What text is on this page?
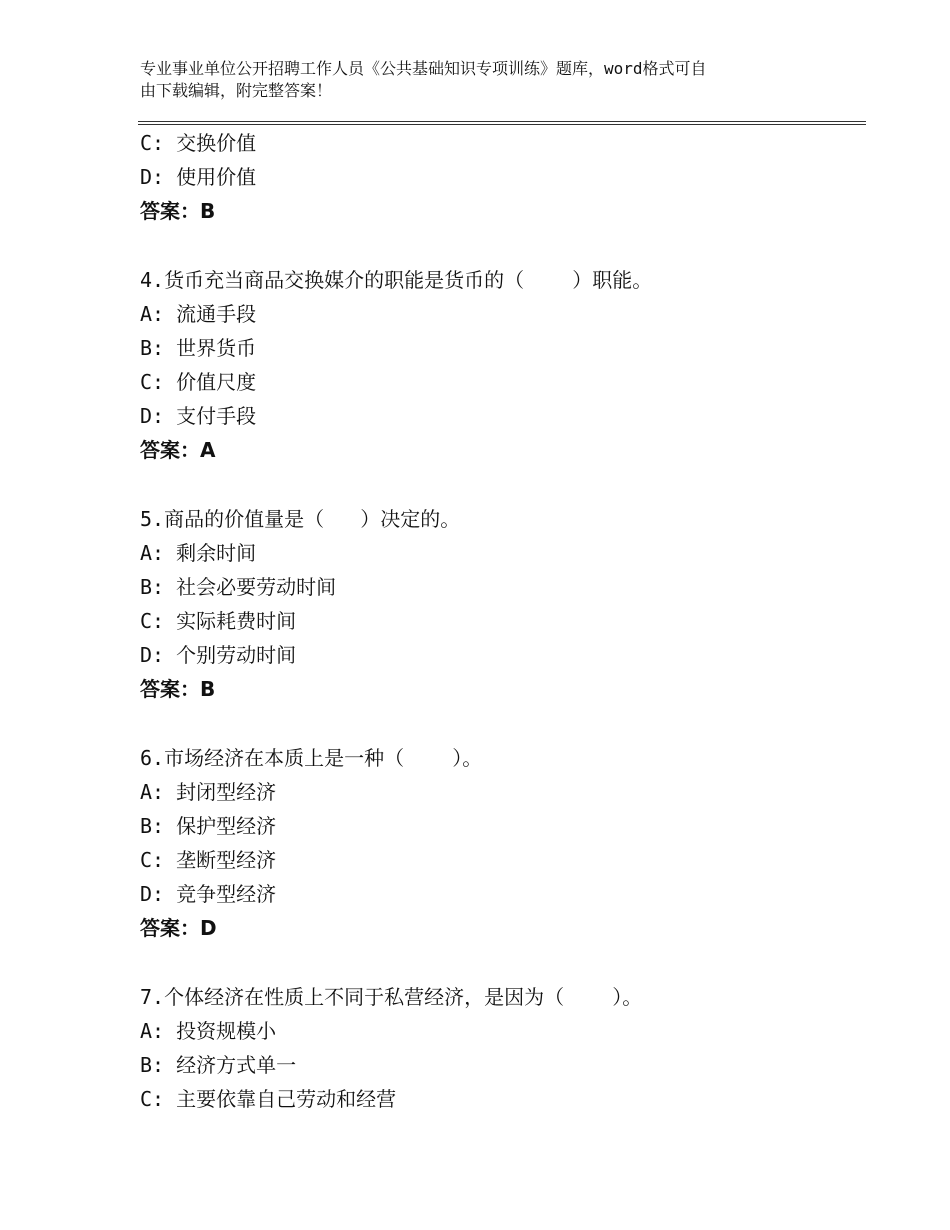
专业事业单位公开招聘工作人员《公共基础知识专项训练》题库，word格式可自
由下载编辑，附完整答案！
C: 交换价值
D: 使用价值
答案：B
4.货币充当商品交换媒介的职能是货币的（    ）职能。
A: 流通手段
B: 世界货币
C: 价值尺度
D: 支付手段
答案：A
5.商品的价值量是（   ）决定的。
A: 剩余时间
B: 社会必要劳动时间
C: 实际耗费时间
D: 个别劳动时间
答案：B
6.市场经济在本质上是一种（    ）。
A: 封闭型经济
B: 保护型经济
C: 垄断型经济
D: 竞争型经济
答案：D
7.个体经济在性质上不同于私营经济，是因为（    ）。
A: 投资规模小
B: 经济方式单一
C: 主要依靠自己劳动和经营
